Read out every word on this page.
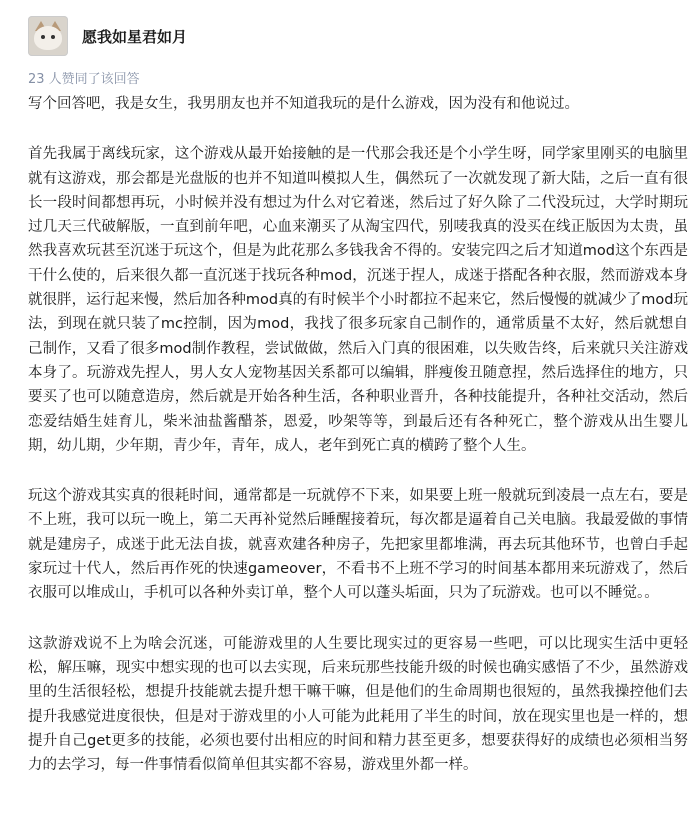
愿我如星君如月
23 人赞同了该回答

写个回答吧，我是女生，我男朋友也并不知道我玩的是什么游戏，因为没有和他说过。

首先我属于离线玩家，这个游戏从最开始接触的是一代那会我还是个小学生呀，同学家里刚买的电脑里就有这游戏，那会都是光盘版的也并不知道叫模拟人生，偶然玩了一次就发现了新大陆，之后一直有很长一段时间都想再玩，小时候并没有想过为什么对它着迷，然后过了好久除了二代没玩过，大学时期玩过几天三代破解版，一直到前年吧，心血来潮买了从淘宝四代，别唛我真的没买在线正版因为太贵，虽然我喜欢玩甚至沉迷于玩这个，但是为此花那么多钱我舍不得的。安装完四之后才知道mod这个东西是干什么使的，后来很久都一直沉迷于找玩各种mod，沉迷于捏人，成迷于搭配各种衣服，然而游戏本身就很胖，运行起来慢，然后加各种mod真的有时候半个小时都拉不起来它，然后慢慢的就减少了mod玩法，到现在就只装了mc控制，因为mod，我找了很多玩家自己制作的，通常质量不太好，然后就想自己制作，又看了很多mod制作教程，尝试做做，然后入门真的很困难，以失败告终，后来就只关注游戏本身了。玩游戏先捏人，男人女人宠物基因关系都可以编辑，胖瘦俊丑随意捏，然后选择住的地方，只要买了也可以随意造房，然后就是开始各种生活，各种职业晋升，各种技能提升，各种社交活动，然后恋爱结婚生娃育儿，柴米油盐酱醋茶，恩爱，吵架等等，到最后还有各种死亡，整个游戏从出生婴儿期，幼儿期，少年期，青少年，青年，成人，老年到死亡真的横跨了整个人生。

玩这个游戏其实真的很耗时间，通常都是一玩就停不下来，如果要上班一般就玩到凌晨一点左右，要是不上班，我可以玩一晚上，第二天再补觉然后睡醒接着玩，每次都是逼着自己关电脑。我最爱做的事情就是建房子，成迷于此无法自拔，就喜欢建各种房子，先把家里都堆满，再去玩其他环节，也曾白手起家玩过十代人，然后再作死的快速gameover，不看书不上班不学习的时间基本都用来玩游戏了，然后衣服可以堆成山，手机可以各种外卖订单，整个人可以蓬头垢面，只为了玩游戏。也可以不睡觉。。

这款游戏说不上为啥会沉迷，可能游戏里的人生要比现实过的更容易一些吧，可以比现实生活中更轻松，解压嘛，现实中想实现的也可以去实现，后来玩那些技能升级的时候也确实感悟了不少，虽然游戏里的生活很轻松，想提升技能就去提升想干嘛干嘛，但是他们的生命周期也很短的，虽然我操控他们去提升我感觉进度很快，但是对于游戏里的小人可能为此耗用了半生的时间，放在现实里也是一样的，想提升自己get更多的技能，必须也要付出相应的时间和精力甚至更多，想要获得好的成绩也必须相当努力的去学习，每一件事情看似简单但其实都不容易，游戏里外都一样。
